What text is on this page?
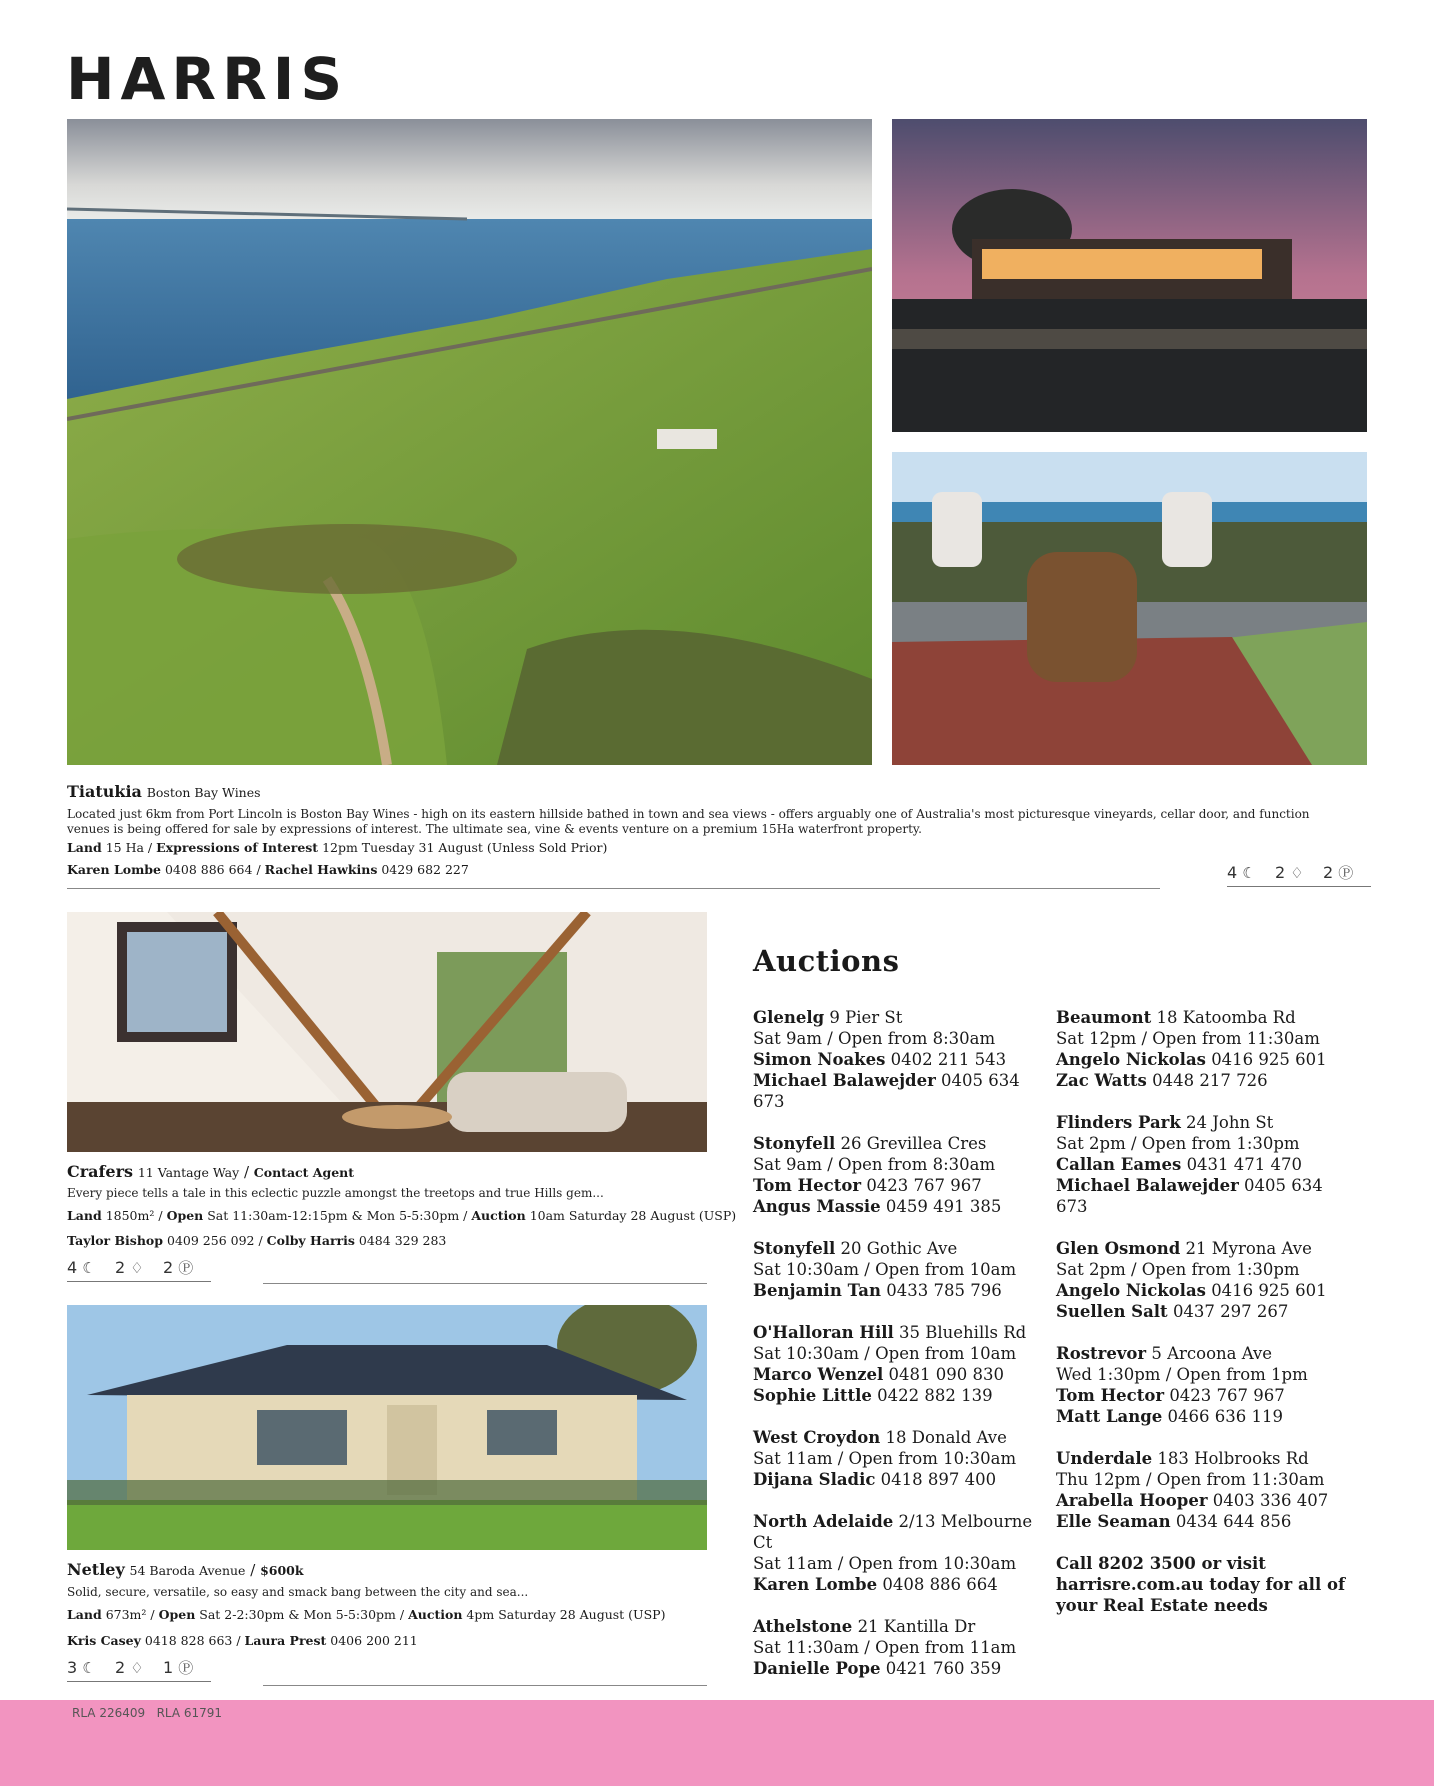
HARRIS
Tiatukia Boston Bay Wines
Located just 6km from Port Lincoln is Boston Bay Wines - high on its eastern hillside bathed in town and sea views - offers arguably one of Australia's most picturesque vineyards, cellar door, and function venues is being offered for sale by expressions of interest. The ultimate sea, vine & events venture on a premium 15Ha waterfront property.
Land 15 Ha / Expressions of Interest 12pm Tuesday 31 August (Unless Sold Prior)
Karen Lombe 0408 886 664 / Rachel Hawkins 0429 682 227	4 ☾ 2 ♢ 2 Ⓟ
Crafers 11 Vantage Way / Contact Agent
Every piece tells a tale in this eclectic puzzle amongst the treetops and true Hills gem...
Land 1850m² / Open Sat 11:30am-12:15pm & Mon 5-5:30pm / Auction 10am Saturday 28 August (USP)
Taylor Bishop 0409 256 092 / Colby Harris 0484 329 283
4 ☾ 2 ♢ 2 Ⓟ
Netley 54 Baroda Avenue / $600k
Solid, secure, versatile, so easy and smack bang between the city and sea...
Land 673m² / Open Sat 2-2:30pm & Mon 5-5:30pm / Auction 4pm Saturday 28 August (USP)
Kris Casey 0418 828 663 / Laura Prest 0406 200 211
3 ☾ 2 ♢ 1 Ⓟ
Auctions
Glenelg 9 Pier St
Sat 9am / Open from 8:30am
Simon Noakes 0402 211 543
Michael Balawejder 0405 634 673
Stonyfell 26 Grevillea Cres
Sat 9am / Open from 8:30am
Tom Hector 0423 767 967
Angus Massie 0459 491 385
Stonyfell 20 Gothic Ave
Sat 10:30am / Open from 10am
Benjamin Tan 0433 785 796
O'Halloran Hill 35 Bluehills Rd
Sat 10:30am / Open from 10am
Marco Wenzel 0481 090 830
Sophie Little 0422 882 139
West Croydon 18 Donald Ave
Sat 11am / Open from 10:30am
Dijana Sladic 0418 897 400
North Adelaide 2/13 Melbourne Ct
Sat 11am / Open from 10:30am
Karen Lombe 0408 886 664
Athelstone 21 Kantilla Dr
Sat 11:30am / Open from 11am
Danielle Pope 0421 760 359
Beaumont 18 Katoomba Rd
Sat 12pm / Open from 11:30am
Angelo Nickolas 0416 925 601
Zac Watts 0448 217 726
Flinders Park 24 John St
Sat 2pm / Open from 1:30pm
Callan Eames 0431 471 470
Michael Balawejder 0405 634 673
Glen Osmond 21 Myrona Ave
Sat 2pm / Open from 1:30pm
Angelo Nickolas 0416 925 601
Suellen Salt 0437 297 267
Rostrevor 5 Arcoona Ave
Wed 1:30pm / Open from 1pm
Tom Hector 0423 767 967
Matt Lange 0466 636 119
Underdale 183 Holbrooks Rd
Thu 12pm / Open from 11:30am
Arabella Hooper 0403 336 407
Elle Seaman 0434 644 856
Call 8202 3500 or visit harrisre.com.au today for all of your Real Estate needs
RLA 226409   RLA 61791
